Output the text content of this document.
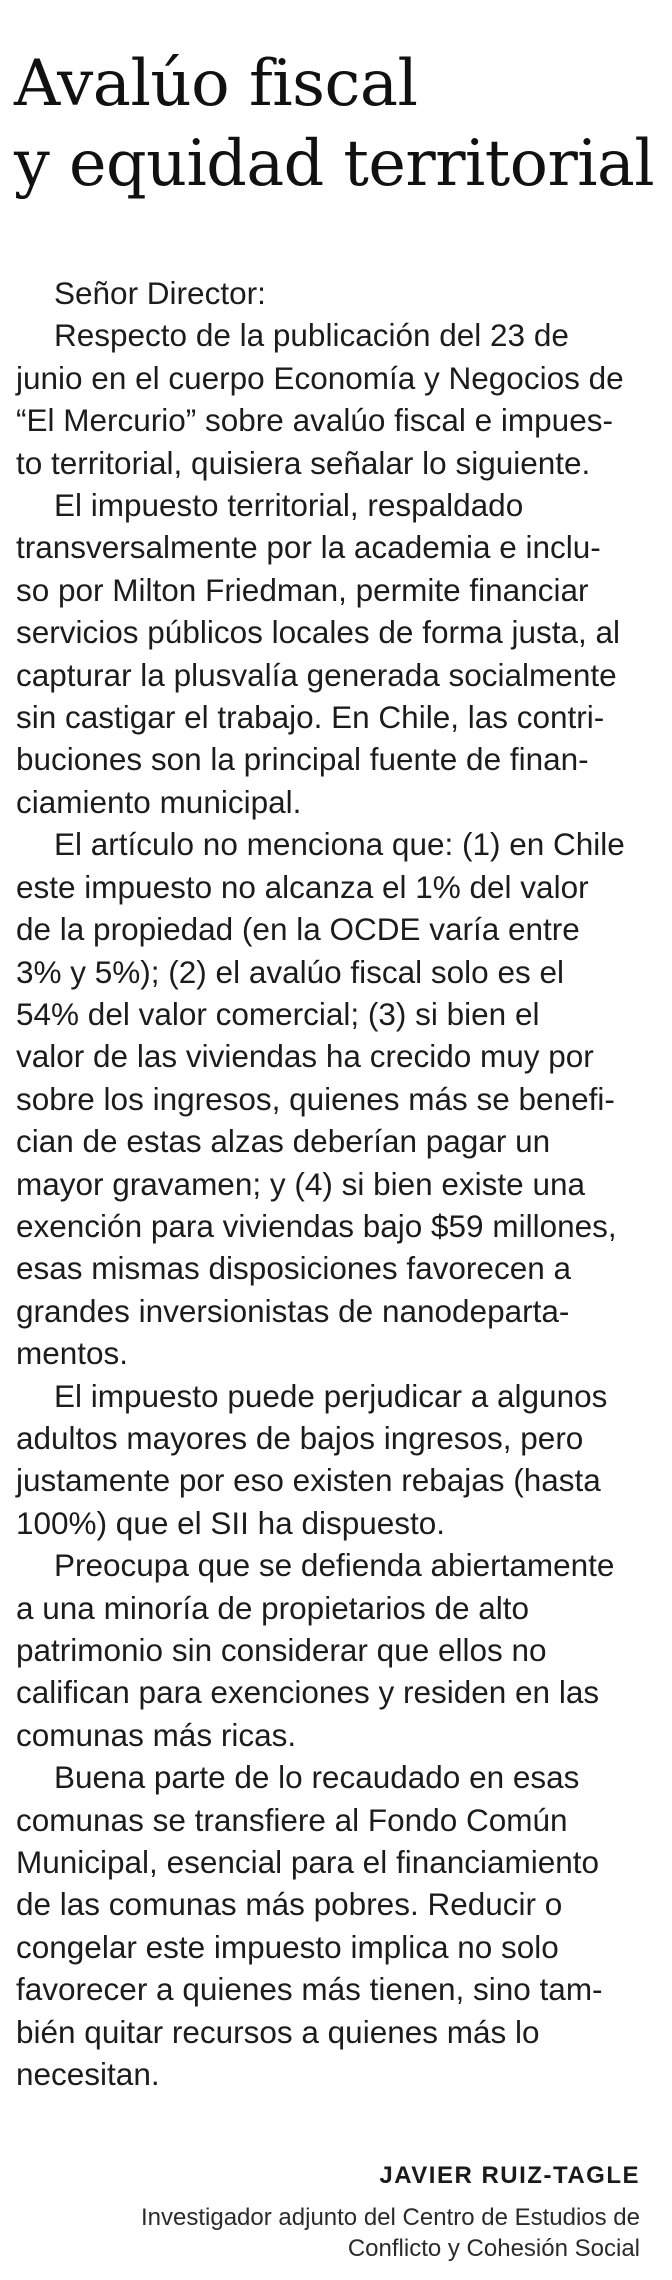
Avalúo fiscal
y equidad territorial

Señor Director:

Respecto de la publicación del 23 de
junio en el cuerpo Economía y Negocios de
“El Mercurio” sobre avalúo fiscal e impues-
to territorial, quisiera señalar lo siguiente.

El impuesto territorial, respaldado
transversalmente por la academia e inclu-
so por Milton Friedman, permite financiar
servicios públicos locales de forma justa, al
capturar la plusvalía generada socialmente
sin castigar el trabajo. En Chile, las contri-
buciones son la principal fuente de finan-
ciamiento municipal.

El artículo no menciona que: (1) en Chile
este impuesto no alcanza el 1% del valor
de la propiedad (en la OCDE varía entre
3% y 5%); (2) el avalúo fiscal solo es el
54% del valor comercial; (3) si bien el
valor de las viviendas ha crecido muy por
sobre los ingresos, quienes más se benefi-
cian de estas alzas deberían pagar un
mayor gravamen; y (4) si bien existe una
exención para viviendas bajo $59 millones,
esas mismas disposiciones favorecen a
grandes inversionistas de nanodeparta-
mentos.

El impuesto puede perjudicar a algunos
adultos mayores de bajos ingresos, pero
justamente por eso existen rebajas (hasta
100%) que el SII ha dispuesto.

Preocupa que se defienda abiertamente
a una minoría de propietarios de alto
patrimonio sin considerar que ellos no
califican para exenciones y residen en las
comunas más ricas.

Buena parte de lo recaudado en esas
comunas se transfiere al Fondo Común
Municipal, esencial para el financiamiento
de las comunas más pobres. Reducir o
congelar este impuesto implica no solo
favorecer a quienes más tienen, sino tam-
bién quitar recursos a quienes más lo
necesitan.

JAVIER RUIZ-TAGLE
Investigador adjunto del Centro de Estudios de
Conflicto y Cohesión Social
